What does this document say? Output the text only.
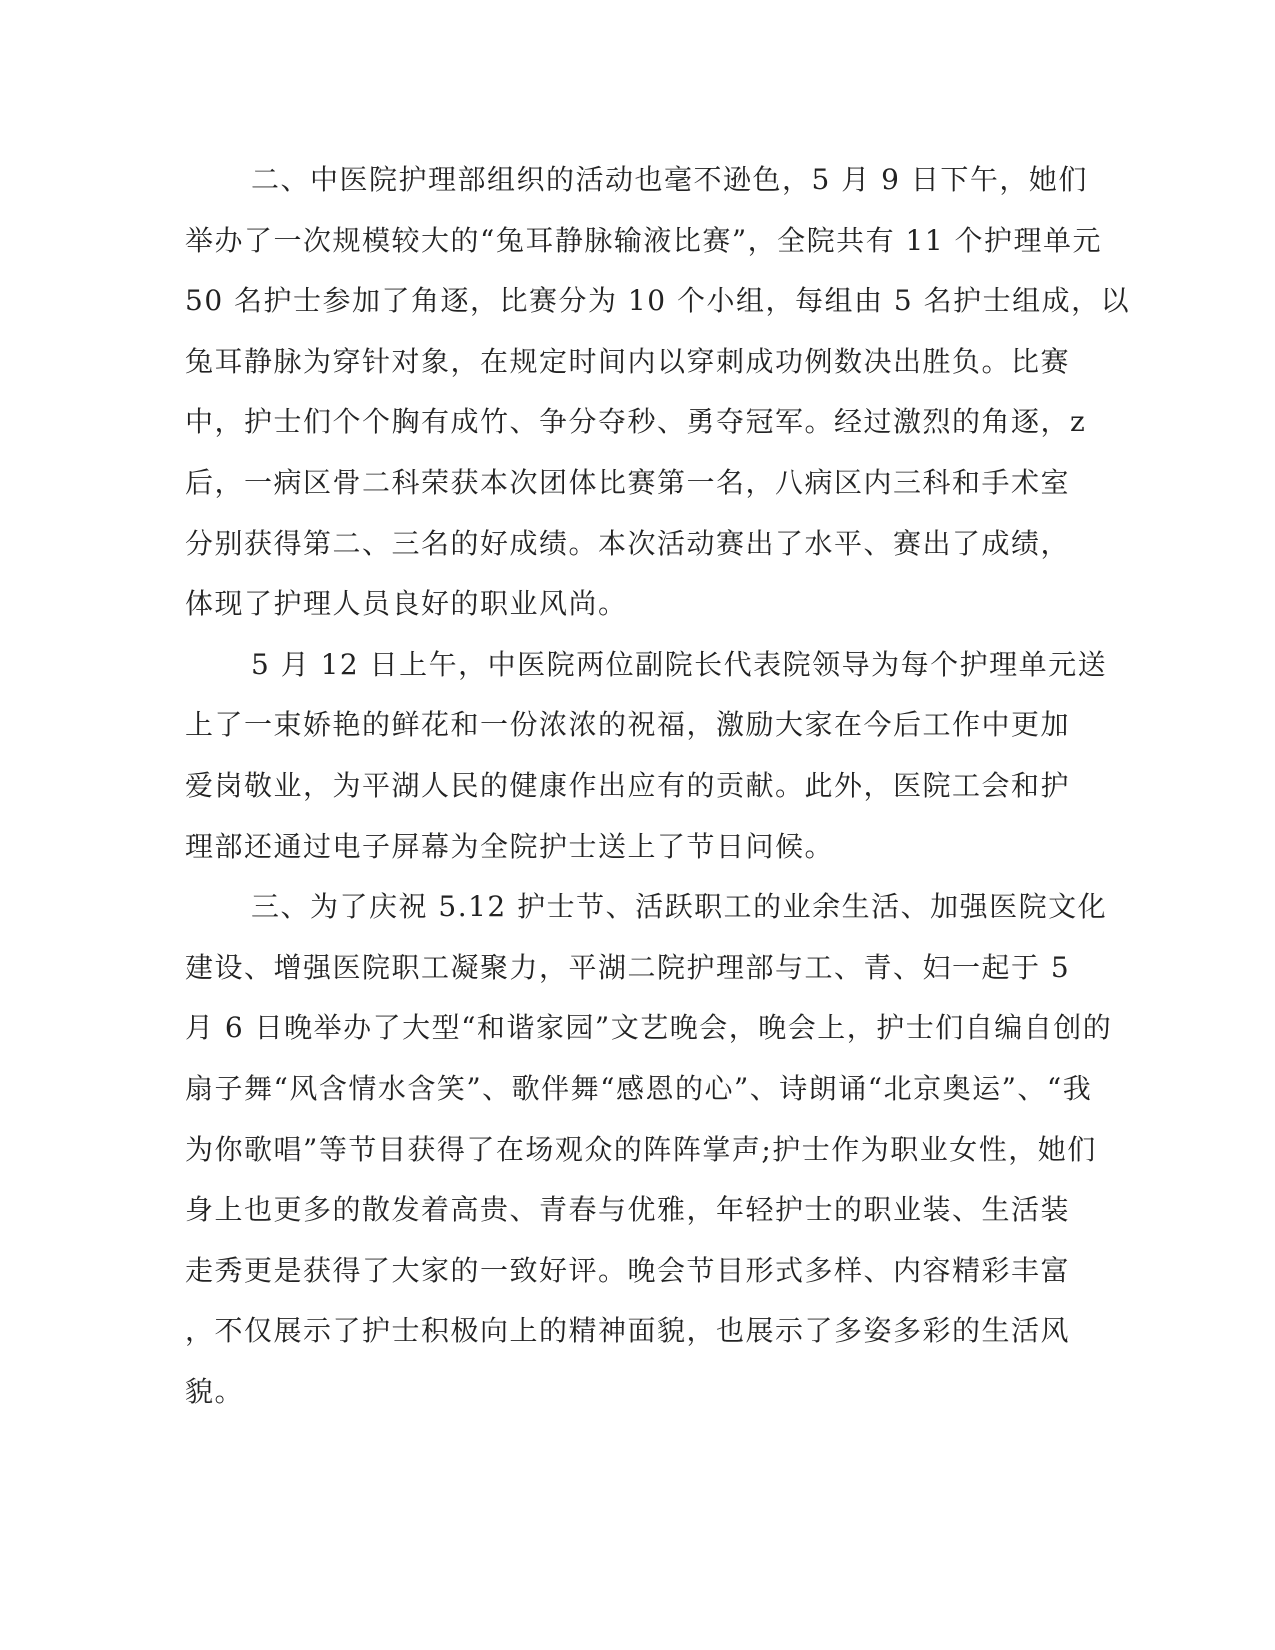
二、中医院护理部组织的活动也毫不逊色，5 月 9 日下午，她们
举办了一次规模较大的“兔耳静脉输液比赛”，全院共有 11 个护理单元
50 名护士参加了角逐，比赛分为 10 个小组，每组由 5 名护士组成，以
兔耳静脉为穿针对象，在规定时间内以穿刺成功例数决出胜负。比赛
中，护士们个个胸有成竹、争分夺秒、勇夺冠军。经过激烈的角逐，z
后，一病区骨二科荣获本次团体比赛第一名，八病区内三科和手术室
分别获得第二、三名的好成绩。本次活动赛出了水平、赛出了成绩，
体现了护理人员良好的职业风尚。
5 月 12 日上午，中医院两位副院长代表院领导为每个护理单元送
上了一束娇艳的鲜花和一份浓浓的祝福，激励大家在今后工作中更加
爱岗敬业，为平湖人民的健康作出应有的贡献。此外，医院工会和护
理部还通过电子屏幕为全院护士送上了节日问候。
三、为了庆祝 5.12 护士节、活跃职工的业余生活、加强医院文化
建设、增强医院职工凝聚力，平湖二院护理部与工、青、妇一起于 5
月 6 日晚举办了大型“和谐家园”文艺晚会，晚会上，护士们自编自创的
扇子舞“风含情水含笑”、歌伴舞“感恩的心”、诗朗诵“北京奥运”、“我
为你歌唱”等节目获得了在场观众的阵阵掌声;护士作为职业女性，她们
身上也更多的散发着高贵、青春与优雅，年轻护士的职业装、生活装
走秀更是获得了大家的一致好评。晚会节目形式多样、内容精彩丰富
，不仅展示了护士积极向上的精神面貌，也展示了多姿多彩的生活风
貌。
